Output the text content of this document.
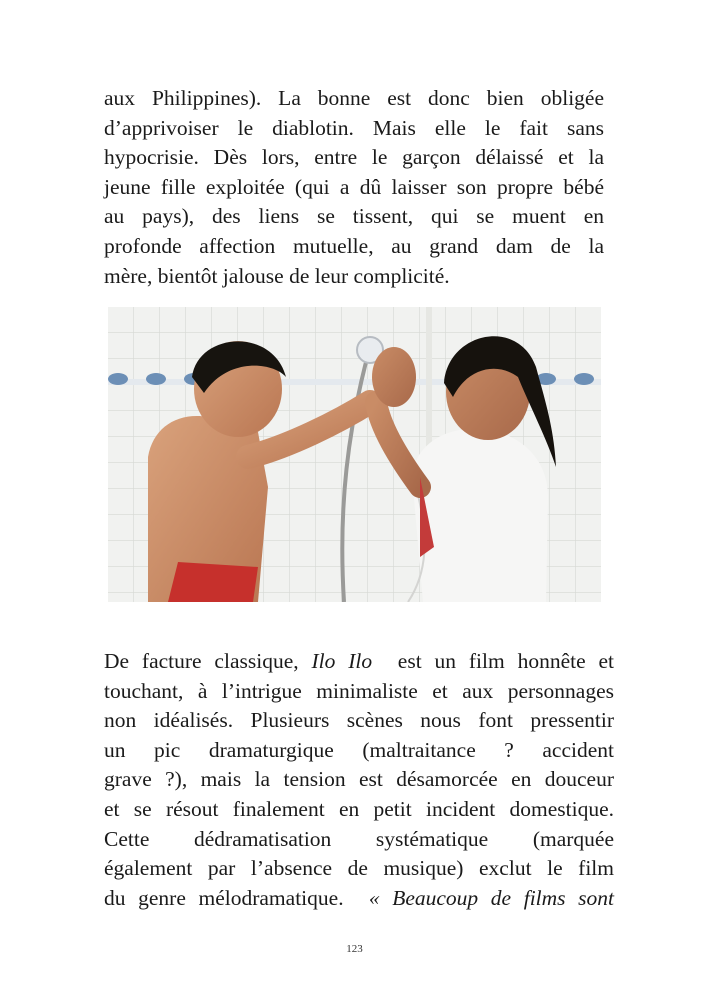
aux Philippines). La bonne est donc bien obligée
d’apprivoiser le diablotin. Mais elle le fait sans
hypocrisie. Dès lors, entre le garçon délaissé et la
jeune fille exploitée (qui a dû laisser son propre bébé
au pays), des liens se tissent, qui se muent en
profonde affection mutuelle, au grand dam de la
mère, bientôt jalouse de leur complicité.
De facture classique, Ilo Ilo  est un film honnête et
touchant, à l’intrigue minimaliste et aux personnages
non idéalisés. Plusieurs scènes nous font pressentir
un pic dramaturgique (maltraitance ? accident
grave ?), mais la tension est désamorcée en douceur
et se résout finalement en petit incident domestique.
Cette dédramatisation systématique (marquée
également par l’absence de musique) exclut le film
du genre mélodramatique.  « Beaucoup de films sont
123
